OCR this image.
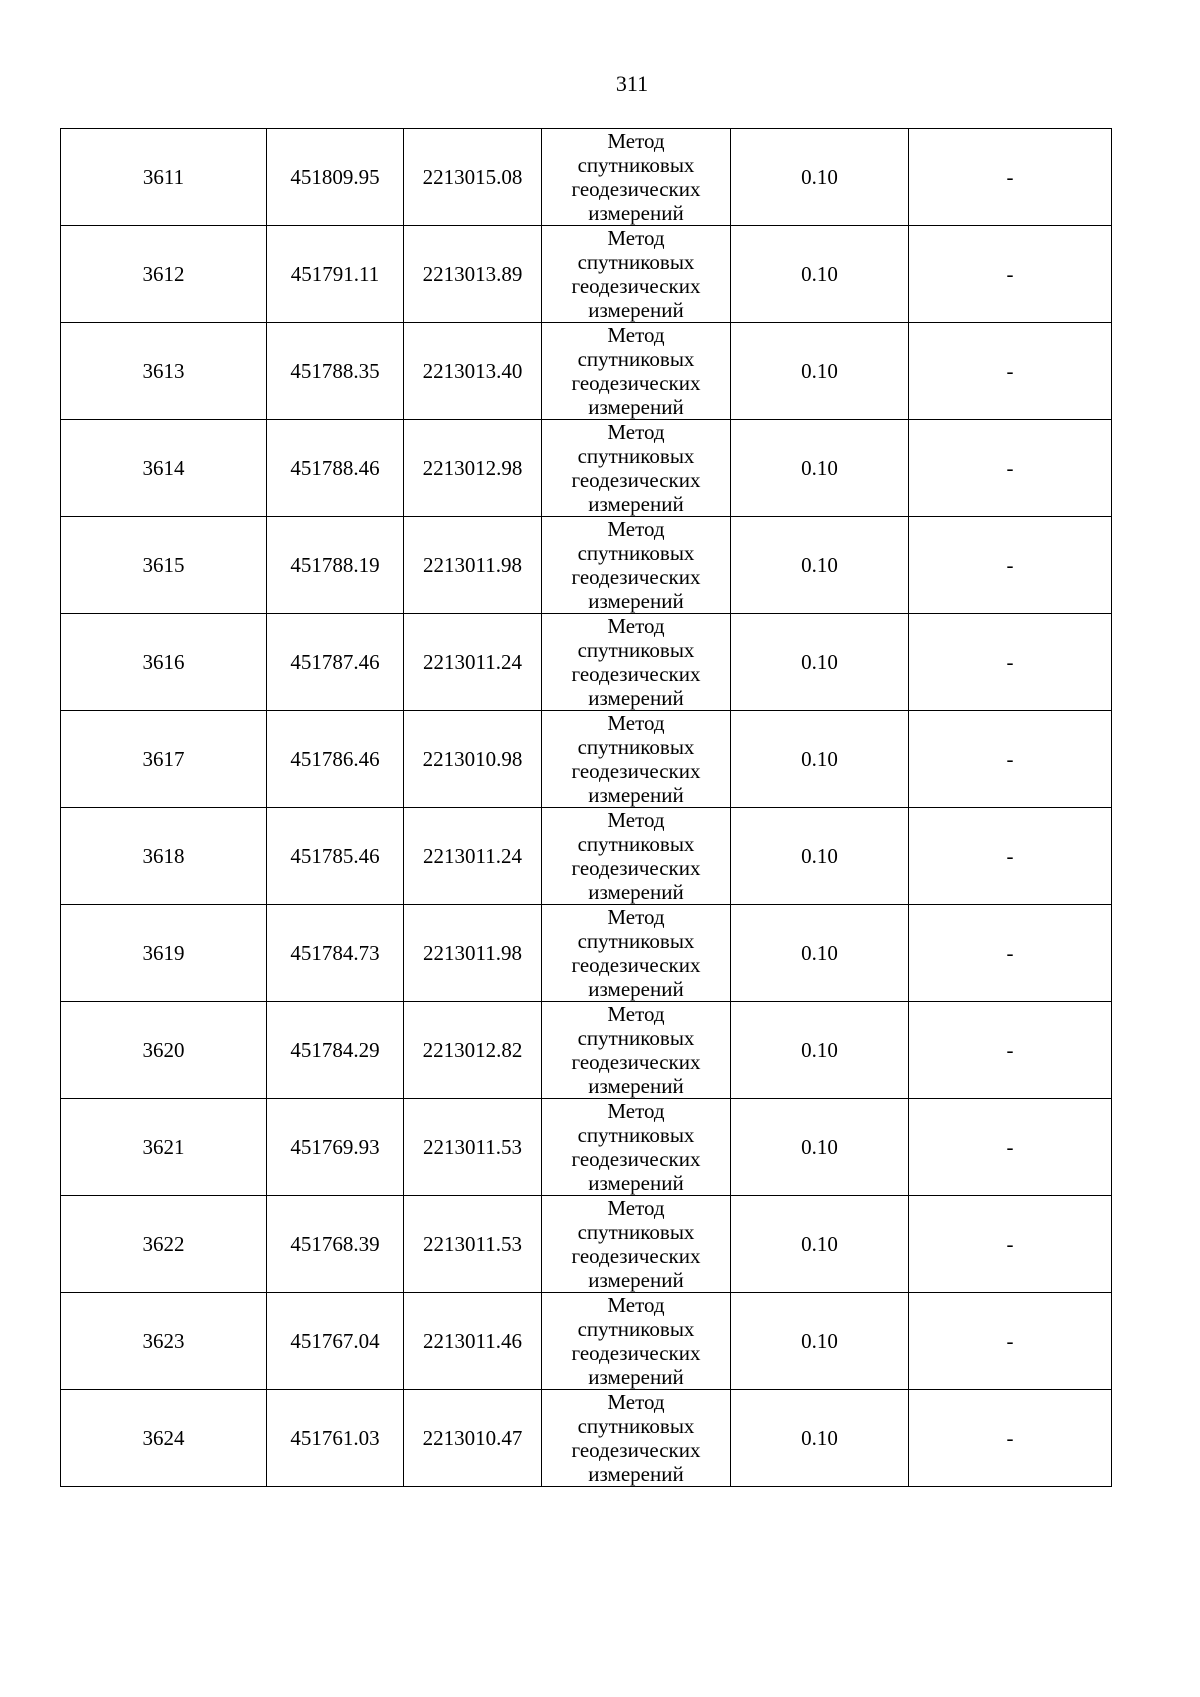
311
3611	451809.95	2213015.08	Метод
спутниковых
геодезических
измерений	0.10	-
3612	451791.11	2213013.89	Метод
спутниковых
геодезических
измерений	0.10	-
3613	451788.35	2213013.40	Метод
спутниковых
геодезических
измерений	0.10	-
3614	451788.46	2213012.98	Метод
спутниковых
геодезических
измерений	0.10	-
3615	451788.19	2213011.98	Метод
спутниковых
геодезических
измерений	0.10	-
3616	451787.46	2213011.24	Метод
спутниковых
геодезических
измерений	0.10	-
3617	451786.46	2213010.98	Метод
спутниковых
геодезических
измерений	0.10	-
3618	451785.46	2213011.24	Метод
спутниковых
геодезических
измерений	0.10	-
3619	451784.73	2213011.98	Метод
спутниковых
геодезических
измерений	0.10	-
3620	451784.29	2213012.82	Метод
спутниковых
геодезических
измерений	0.10	-
3621	451769.93	2213011.53	Метод
спутниковых
геодезических
измерений	0.10	-
3622	451768.39	2213011.53	Метод
спутниковых
геодезических
измерений	0.10	-
3623	451767.04	2213011.46	Метод
спутниковых
геодезических
измерений	0.10	-
3624	451761.03	2213010.47	Метод
спутниковых
геодезических
измерений	0.10	-
